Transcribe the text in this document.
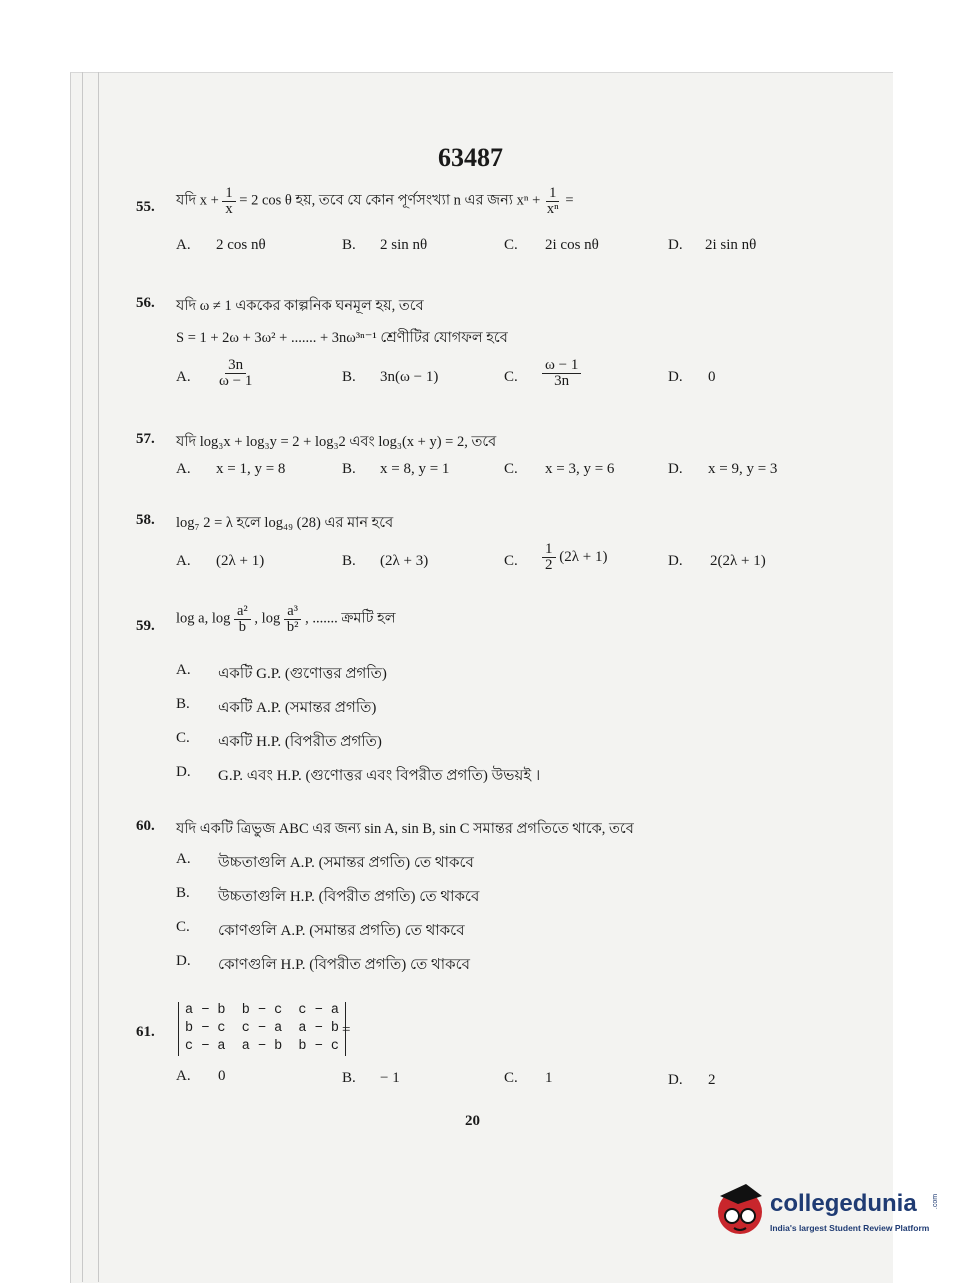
63487
55. যদি $x + \frac{1}{x} = 2$ cos θ হয়, তবে যে কোন পূর্ণসংখ্যা n এর জন্য $x^n + \frac{1}{\text{xⁿ}}$ =
A. 2 cos nθ	B. 2 sin nθ	C. 2i cos nθ	D. 2i sin nθ
56. যদি ω ≠ 1 এককের কাল্পনিক ঘনমূল হয়, তবে
S = 1 + 2ω + 3ω² + ....... + 3nω³ⁿ⁻¹ শ্রেণীটির যোগফল হবে
A. $\frac{3n}{\omega - 1}$	B. 3n(ω − 1)	C. $\frac{\omega - 1}{3n}$	D. 0
57. যদি log₃x + log₃y = 2 + log₃2 এবং log₃(x + y) = 2, তবে
A. x = 1, y = 8	B. x = 8, y = 1	C. x = 3, y = 6	D. x = 9, y = 3
58. log₇ 2 = λ হলে log₄₉ (28) এর মান হবে
A. (2λ + 1)	B. (2λ + 3)	C. $\frac{1}{2} (2\lambda + 1)$	D. 2(2λ + 1)
59. log a, $\log \frac{\text{a²}}{b}$ , $\log \frac{\text{a³}}{\text{b²}}$ , ....... ক্রমটি হল
A. একটি G.P. (গুণোত্তর প্রগতি)
B. একটি A.P. (সমান্তর প্রগতি)
C. একটি H.P. (বিপরীত প্রগতি)
D. G.P. এবং H.P. (গুণোত্তর এবং বিপরীত প্রগতি) উভয়ই ।
60. যদি একটি ত্রিভুজ ABC এর জন্য sin A, sin B, sin C সমান্তর প্রগতিতে থাকে, তবে
A. উচ্চতাগুলি A.P. (সমান্তর প্রগতি) তে থাকবে
B. উচ্চতাগুলি H.P. (বিপরীত প্রগতি) তে থাকবে
C. কোণগুলি A.P. (সমান্তর প্রগতি) তে থাকবে
D. কোণগুলি H.P. (বিপরীত প্রগতি) তে থাকবে
61.
a − b  b − c  c − a
b − c  c − a  a − b
c − a  a − b  b − c
=
A. 0	B. − 1	C. 1	D. 2
20
collegedunia .com
India's largest Student Review Platform
